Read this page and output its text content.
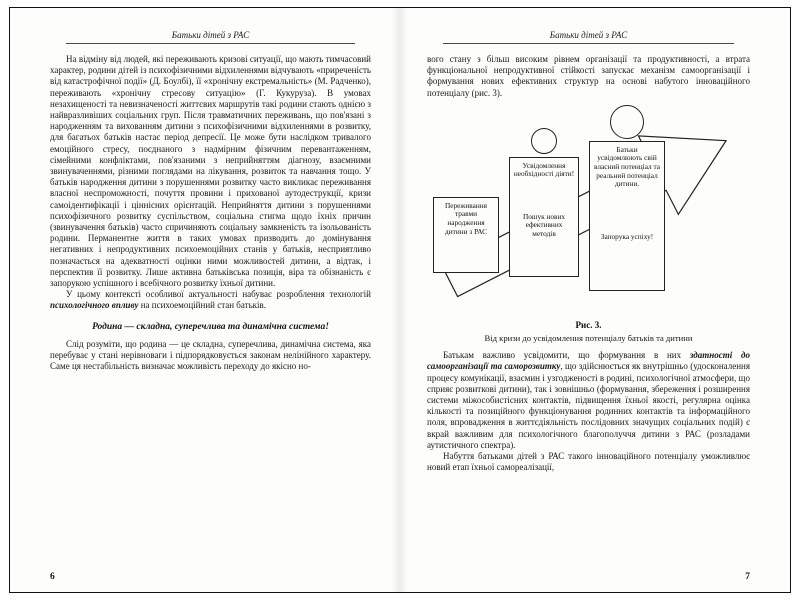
Батьки дітей з РАС

На відміну від людей, які переживають кризові ситуації, що мають тимчасовий характер, родини дітей із психофізичними відхиленнями відчувають «приреченість від катастрофічної події» (Д. Боулбі), її «хронічну екстремальність» (М. Радченко), переживають «хронічну стресову ситуацію» (Г. Кукуруза). В умовах незахищеності та невизначеності життєвих маршрутів такі родини стають однією з найвразливіших соціальних груп. Після травматичних переживань, що пов'язані з народженням та вихованням дитини з психофізичними відхиленнями в розвитку, для багатьох батьків настає період депресії. Це може бути наслідком тривалого емоційного стресу, поєднаного з надмірним фізичним перевантаженням, сімейними конфліктами, пов'язаними з неприйняттям діагнозу, взаємними звинуваченнями, різними поглядами на лікування, розвиток та навчання тощо. У батьків народження дитини з порушеннями розвитку часто викликає переживання власної неспроможності, почуття провини і прихованої аутодеструкції, кризи самоідентифікації і ціннісних орієнтацій. Неприйняття дитини з порушеннями психофізичного розвитку суспільством, соціальна стигма щодо їхніх причин (звинувачення батьків) часто спричиняють соціальну замкненість та ізольованість родини. Перманентне життя в таких умовах призводить до домінування негативних і непродуктивних психоемоційних станів у батьків, несприятливо позначається на адекватності оцінки ними можливостей дитини, а відтак, і перспектив її розвитку. Лише активна батьківська позиція, віра та обізнаність є запорукою успішного і всебічного розвитку їхньої дитини.

У цьому контексті особливої актуальності набуває розроблення технологій психологічного впливу на психоемоційний стан батьків.

Родина — складна, суперечлива та динамічна система!

Слід розуміти, що родина — це складна, суперечлива, динамічна система, яка перебуває у стані нерівноваги і підпорядковується законам нелінійного характеру. Саме ця нестабільність визначає можливість переходу до якісно но-

6
Батьки дітей з РАС

вого стану з більш високим рівнем організації та продуктивності, а втрата функціональної непродуктивної стійкості запускає механізм самоорганізації і формування нових ефективних структур на основі набутого інноваційного потенціалу (рис. 3).

Переживання травми народження дитини з РАС
Усвідомлення необхідності діяти!
Пошук нових ефективних методів
Батьки усвідомлюють свій власний потенціал та реальний потенціал дитини.
Запорука успіху!
Рис. 3.
Від кризи до усвідомлення потенціалу батьків та дитини

Батькам важливо усвідомити, що формування в них здатності до самоорганізації та саморозвитку, що здійснюється як внутрішньо (удосконалення процесу комунікації, взаємин і узгодженості в родині, психологічної атмосфери, що сприяє розвиткові дитини), так і зовнішньо (формування, збереження і розширення системи міжособистісних контактів, підвищення їхньої якості, регулярна оцінка кількості та позиційного функціонування родинних контактів та інформаційного поля, впровадження в життєдіяльність послідовних значущих соціальних подій) є вкрай важливим для психологічного благополуччя дитини з РАС (розладами аутистичного спектра).

Набуття батьками дітей з РАС такого інноваційного потенціалу уможливлює новий етап їхньої самореалізації,

7
